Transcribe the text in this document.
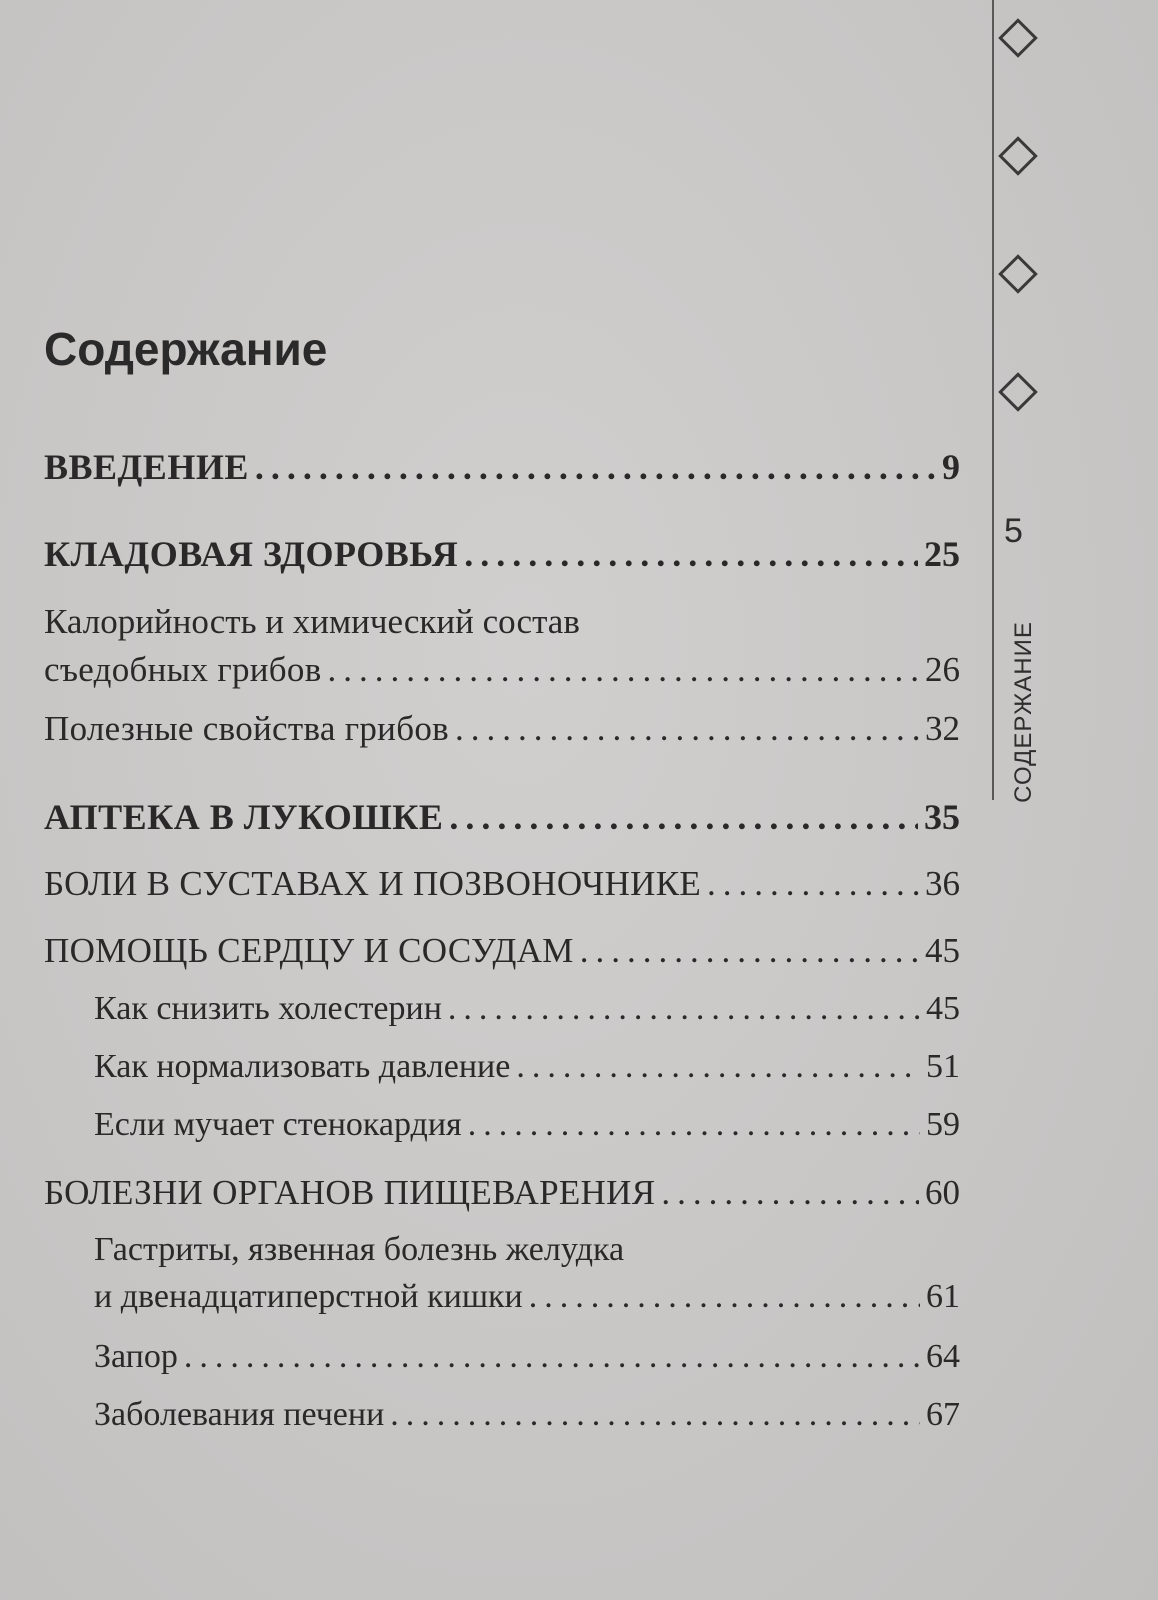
Содержание
ВВЕДЕНИЕ .....	9
КЛАДОВАЯ ЗДОРОВЬЯ .....	25
Калорийность и химический состав
съедобных грибов .....	26
Полезные свойства грибов .....	32
АПТЕКА В ЛУКОШКЕ .....	35
БОЛИ В СУСТАВАХ И ПОЗВОНОЧНИКЕ .....	36
ПОМОЩЬ СЕРДЦУ И СОСУДАМ .....	45
Как снизить холестерин .....	45
Как нормализовать давление .....	51
Если мучает стенокардия .....	59
БОЛЕЗНИ ОРГАНОВ ПИЩЕВАРЕНИЯ .....	60
Гастриты, язвенная болезнь желудка
и двенадцатиперстной кишки .....	61
Запор .....	64
Заболевания печени .....	67
5
СОДЕРЖАНИЕ
